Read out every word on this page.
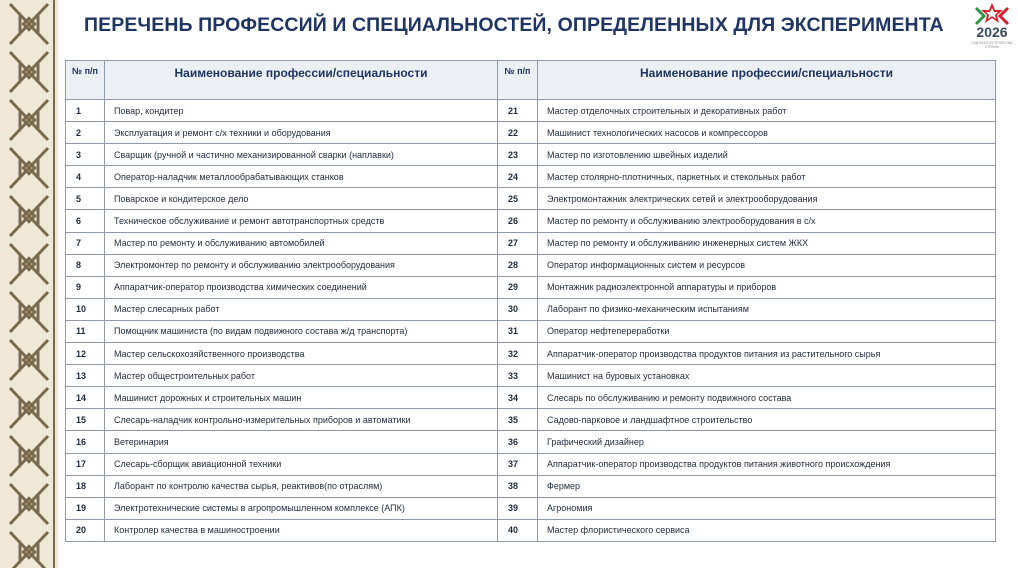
ПЕРЕЧЕНЬ ПРОФЕССИЙ И СПЕЦИАЛЬНОСТЕЙ, ОПРЕДЕЛЕННЫХ ДЛЯ ЭКСПЕРИМЕНТА	2026
ГОД БЛАГОУСТРОЙСТВА СТРАНЫ
№ п/п	Наименование профессии/специальности	№ п/п	Наименование профессии/специальности
1	Повар, кондитер	21	Мастер отделочных строительных и декоративных работ
2	Эксплуатация и ремонт с/х техники и оборудования	22	Машинист технологических насосов и компрессоров
3	Сварщик (ручной и частично механизированной сварки (наплавки)	23	Мастер по изготовлению швейных изделий
4	Оператор-наладчик металлообрабатывающих станков	24	Мастер столярно-плотничных, паркетных и стекольных работ
5	Поварское и кондитерское дело	25	Электромонтажник электрических сетей и электрооборудования
6	Техническое обслуживание и ремонт автотранспортных средств	26	Мастер по ремонту и обслуживанию электрооборудования в с/х
7	Мастер по ремонту и обслуживанию автомобилей	27	Мастер по ремонту и обслуживанию инженерных систем ЖКХ
8	Электромонтер по ремонту и обслуживанию электрооборудования	28	Оператор информационных систем и ресурсов
9	Аппаратчик-оператор производства химических соединений	29	Монтажник радиоэлектронной аппаратуры и приборов
10	Мастер слесарных работ	30	Лаборант по физико-механическим испытаниям
11	Помощник машиниста (по видам подвижного состава ж/д транспорта)	31	Оператор нефтепереработки
12	Мастер сельскохозяйственного производства	32	Аппаратчик-оператор производства продуктов питания из растительного сырья
13	Мастер общестроительных работ	33	Машинист на буровых установках
14	Машинист дорожных и строительных машин	34	Слесарь по обслуживанию и ремонту подвижного состава
15	Слесарь-наладчик контрольно-измерительных приборов и автоматики	35	Садово-парковое и ландшафтное строительство
16	Ветеринария	36	Графический дизайнер
17	Слесарь-сборщик авиационной техники	37	Аппаратчик-оператор производства продуктов питания животного происхождения
18	Лаборант по контролю качества сырья, реактивов(по отраслям)	38	Фермер
19	Электротехнические системы в агропромышленном комплексе (АПК)	39	Агрономия
20	Контролер качества в машиностроении	40	Мастер флористического сервиса
